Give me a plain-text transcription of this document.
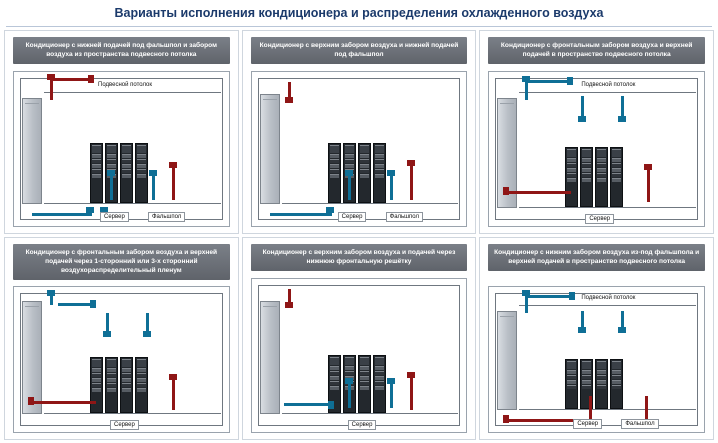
Варианты исполнения кондиционера и распределения охлажденного воздуха
Кондиционер с нижней подачей под фальшпол и забором воздуха из пространства подвесного потолка
Подвесной потолок
Сервер	Фальшпол
Кондиционер с верхним забором воздуха и нижней подачей под фальшпол
Сервер	Фальшпол
Кондиционер с фронтальным забором воздуха и верхней подачей в пространство подвесного потолка
Подвесной потолок
Сервер
Кондиционер с фронтальным забором воздуха и верхней подачей через 1-сторонний или 3-х сторонний воздухораспределительный пленум
Сервер
Кондиционер с верхним забором воздуха и подачей через нижнюю фронтальную решётку
Сервер
Кондиционер с нижним забором воздуха из-под фальшпола и верхней подачей в пространство подвесного потолка
Подвесной потолок
Сервер	Фальшпол
